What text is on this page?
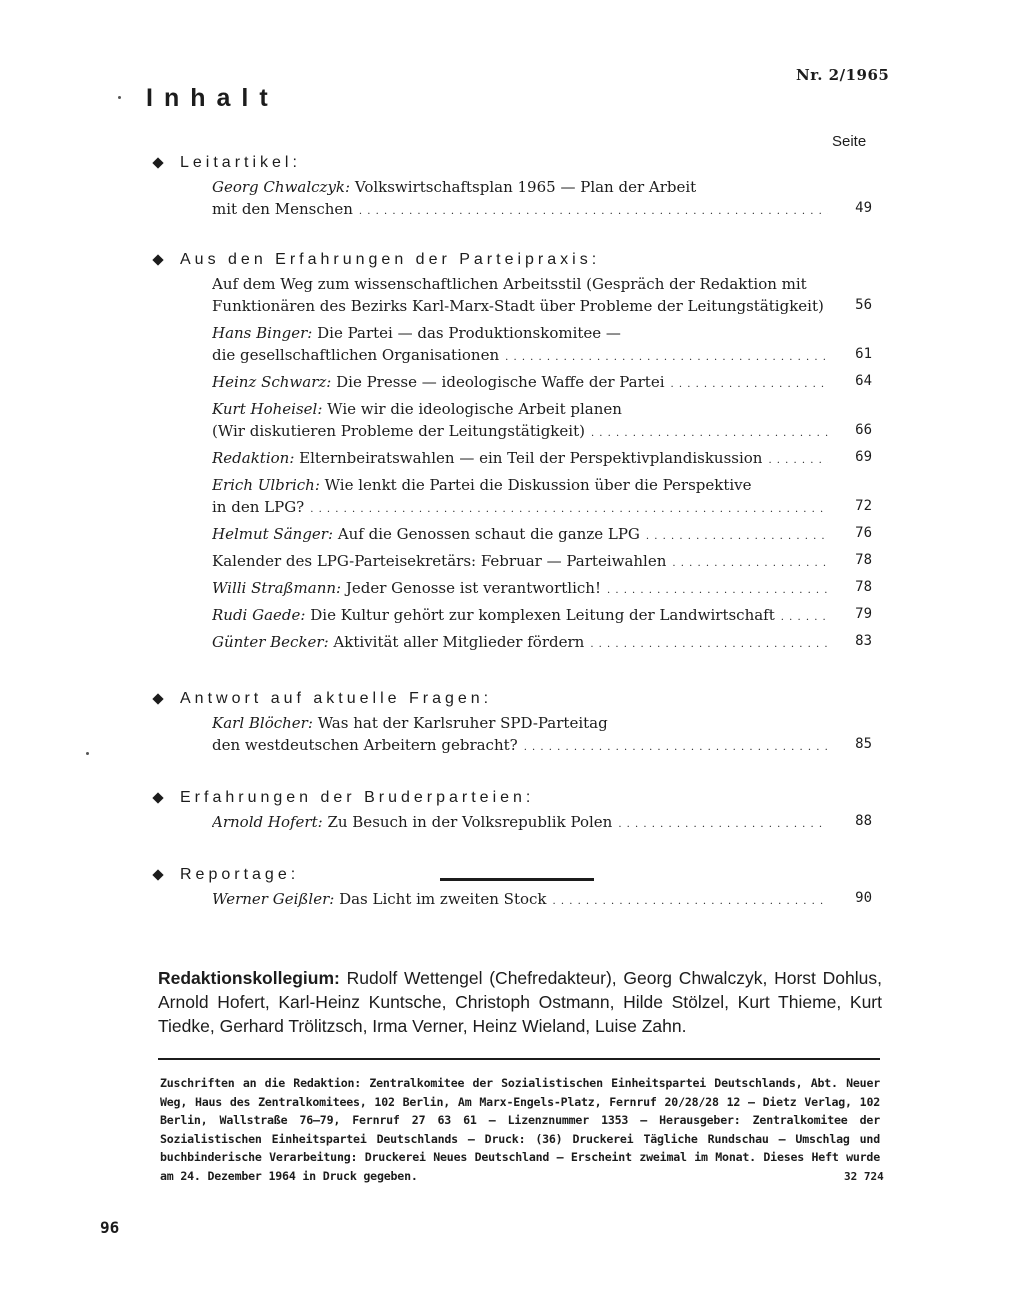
Nr. 2/1965
Inhalt
Seite
Leitartikel:
Georg Chwalczyk:
Volkswirtschaftsplan 1965 — Plan der Arbeit
mit den Menschen . . .	49
Aus den Erfahrungen der Parteipraxis:
Auf dem Weg zum wissenschaftlichen Arbeitsstil (Gespräch der Redaktion mit
Funktionären des Bezirks Karl-Marx-Stadt über Probleme der Leitungstätigkeit) 56
Hans Binger:
Die Partei — das Produktionskomitee —
die gesellschaftlichen Organisationen . . .	61
Heinz Schwarz:
Die Presse — ideologische Waffe der Partei . . .	64
Kurt Hoheisel:
Wie wir die ideologische Arbeit planen
(Wir diskutieren Probleme der Leitungstätigkeit) . . .	66
Redaktion:
Elternbeiratswahlen — ein Teil der Perspektivplandiskussion . . .	69
Erich Ulbrich:
Wie lenkt die Partei die Diskussion über die Perspektive
in den LPG? . . .	72
Helmut Sänger:
Auf die Genossen schaut die ganze LPG . . .	76
Kalender des LPG-Parteisekretärs: Februar — Parteiwahlen . . .	78
Willi Straßmann:
Jeder Genosse ist verantwortlich! . . .	78
Rudi Gaede:
Die Kultur gehört zur komplexen Leitung der Landwirtschaft . . .	79
Günter Becker:
Aktivität aller Mitglieder fördern . . .	83
Antwort auf aktuelle Fragen:
Karl Blöcher:
Was hat der Karlsruher SPD-Parteitag
den westdeutschen Arbeitern gebracht? . . .	85
Erfahrungen der Bruderparteien:
Arnold Hofert:
Zu Besuch in der Volksrepublik Polen . . .	88
Reportage:
Werner Geißler:
Das Licht im zweiten Stock . . .	90
Redaktionskollegium: Rudolf Wettengel (Chefredakteur), Georg Chwalczyk, Horst Dohlus, Arnold Hofert, Karl-Heinz Kuntsche, Christoph Ostmann, Hilde Stölzel, Kurt Thieme, Kurt Tiedke, Gerhard Trölitzsch, Irma Verner, Heinz Wieland, Luise Zahn.
Zuschriften an die Redaktion: Zentralkomitee der Sozialistischen Einheitspartei Deutschlands, Abt. Neuer Weg, Haus des Zentralkomitees, 102 Berlin, Am Marx-Engels-Platz, Fernruf 20/28/28 12 — Dietz Verlag, 102 Berlin, Wallstraße 76—79, Fernruf 27 63 61 — Lizenznummer 1353 — Herausgeber: Zentralkomitee der Sozialistischen Einheitspartei Deutschlands — Druck: (36) Druckerei Tägliche Rundschau — Umschlag und buchbinderische Verarbeitung: Druckerei Neues Deutschland — Erscheint zweimal im Monat. Dieses Heft wurde am 24. Dezember 1964 in Druck gegeben.	32 724
96
